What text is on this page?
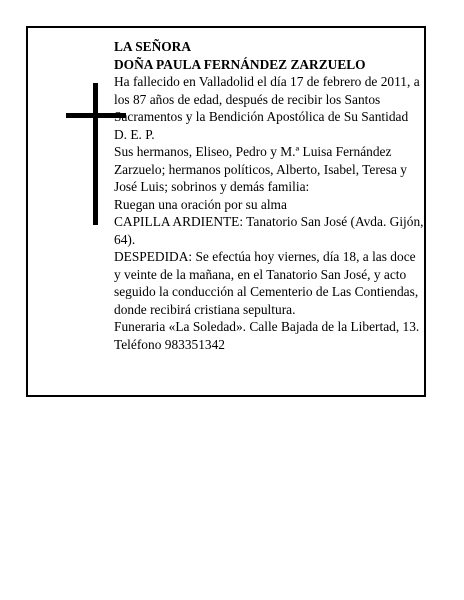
LA SEÑORA

DOÑA PAULA FERNÁNDEZ ZARZUELO

Ha fallecido en Valladolid el día 17 de febrero de 2011, a los 87 años de edad, después de recibir los Santos Sacramentos y la Bendición Apostólica de Su Santidad D. E. P.

Sus hermanos, Eliseo, Pedro y M.ª Luisa Fernández Zarzuelo; hermanos políticos, Alberto, Isabel, Teresa y José Luis; sobrinos y demás familia:

Ruegan una oración por su alma

CAPILLA ARDIENTE: Tanatorio San José (Avda. Gijón, 64).

DESPEDIDA: Se efectúa hoy viernes, día 18, a las doce y veinte de la mañana, en el Tanatorio San José, y acto seguido la conducción al Cementerio de Las Contiendas, donde recibirá cristiana sepultura.

Funeraria «La Soledad». Calle Bajada de la Libertad, 13. Teléfono 983351342
